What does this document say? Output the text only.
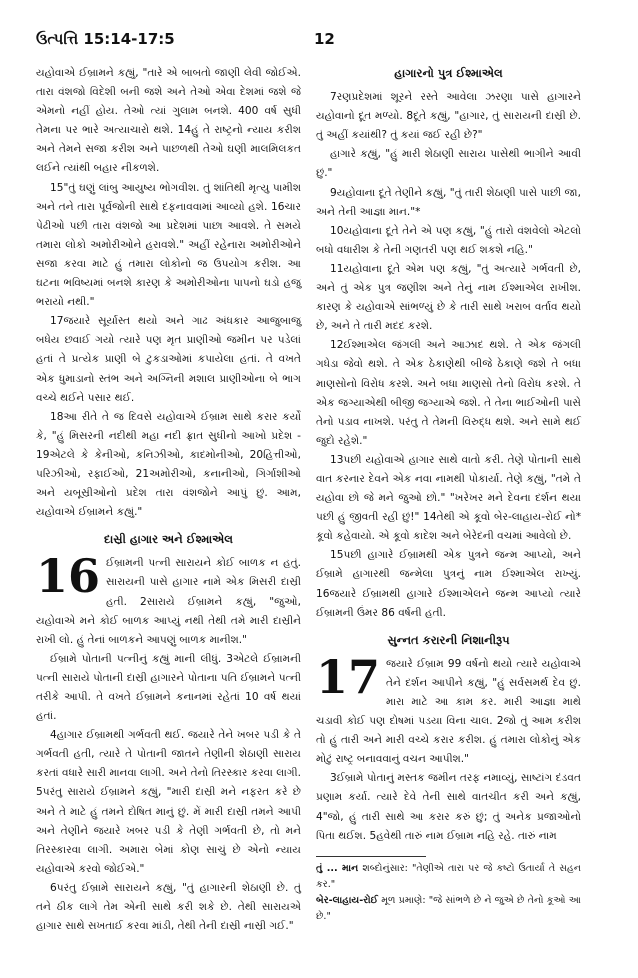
ઉત્પત્તિ 15:14-17:5	12

યહોવાએ ઈબ્રામને કહ્યું, "તારે એ બાબતો જાણી લેવી જોઈએ. તારા વંશજો વિદેશી બની જશે અને તેઓ એવા દેશમાં જશે જે એમનો નહીં હોય. તેઓ ત્યાં ગુલામ બનશે. 400 વર્ષ સુધી તેમના પર ભારે અત્યાચારો થશે. 14હું તે રાષ્ટ્રનો ન્યાય કરીશ અને તેમને સજા કરીશ અને પાછળથી તેઓ ઘણી માલમિલકત લઈને ત્યાંથી બહાર નીકળશે.

15"તું ઘણું લાંબુ આયુષ્ય ભોગવીશ. તું શાંતિથી મૃત્યુ પામીશ અને તને તારા પૂર્વજોની સાથે દફનાવવામાં આવ્યો હશે. 16ચાર પેઢીઓ પછી તારા વંશજો આ પ્રદેશમાં પાછા આવશે. તે સમયે તમારા લોકો અમોરીઓને હરાવશે." અહીં રહેનારા અમોરીઓને સજા કરવા માટે હું તમારા લોકોનો જ ઉપયોગ કરીશ. આ ઘટના ભવિષ્યમાં બનશે કારણ કે અમોરીઓના પાપનો ઘડો હજુ ભરાયો નથી."

17જયારે સૂર્યાસ્ત થયો અને ગાઢ અંધકાર આજુબાજુ બધેય છવાઈ ગયો ત્યારે પણ મૃત પ્રાણીઓ જમીન પર પડેલાં હતાં તે પ્રત્યેક પ્રાણી બે ટુકડાઓમાં કપાયેલા હતાં. તે વખતે એક ધુમાડાનો સ્તંભ અને અગ્નિની મશાલ પ્રાણીઓના બે ભાગ વચ્ચે થઈને પસાર થઈ.

18આ રીતે તે જ દિવસે યહોવાએ ઈબ્રામ સાથે કરાર કર્યો કે, "હું મિસરની નદીથી મહા નદી ફ્રાત સુધીનો આખો પ્રદેશ - 19એટલે કે કેનીઓ, કનિઝીઓ, કાદમોનીઓ, 20હિત્તીઓ, પરિઝીઓ, રફાઈઓ, 21અમોરીઓ, કનાનીઓ, ગિર્ગાશીઓ અને યબૂસ્રીઓનો પ્રદેશ તારા વંશજોને આપું છું. આમ, યહોવાએ ઈબ્રામને કહ્યું."

દાસ્રી હાગાર અને ઈશ્માએલ
16 ઈબ્રામની પત્ની સારાયને કોઈ બાળક ન હતું. સારાયની પાસે હાગાર નામે એક મિસરી દાસ્રી હતી. 2સારાયે ઈબ્રામને કહ્યું, "જુઓ, યહોવાએ મને કોઈ બાળક આપ્યું નથી તેથી તમે મારી દાસ્રીને રાખી લો. હું તેનાં બાળકને આપણું બાળક માનીશ."

ઈબ્રામે પોતાની પત્નીનું કહ્યું માની લીધું. 3એટલે ઈબ્રામની પત્ની સારાયે પોતાની દાસ્રી હાગારને પોતાના પતિ ઈબ્રામને પત્ની તરીકે આપી. તે વખતે ઈબ્રામને કનાનમાં રહેતાં 10 વર્ષ થયાં હતાં.

4હાગાર ઈબ્રામથી ગર્ભવતી થઈ. જયારે તેને ખબર પડી કે તે ગર્ભવતી હતી, ત્યારે તે પોતાની જાતને તેણીની શેઠાણી સારાય કરતાં વધારે સારી માનવા લાગી. અને તેનો તિરસ્કાર કરવા લાગી. 5પરંતુ સારાયે ઈબ્રામને કહ્યું, "મારી દાસ્રી મને નફરત કરે છે અને તે માટે હું તમને દોષિત માનું છું. મેં મારી દાસ્રી તમને આપી અને તેણીને જયારે ખબર પડી કે તેણી ગર્ભવતી છે, તો મને તિરસ્કારવા લાગી. અમારા બેમાં કોણ સાચું છે એનો ન્યાય યહોવાએ કરવો જોઈએ."

6પરંતુ ઈબ્રામે સારાયને કહ્યું, "તું હાગારની શેઠાણી છે. તું તને ઠીક લાગે તેમ એની સાથે કરી શકે છે. તેથી સારાયએ હાગાર સાથે સખતાઈ કરવા માંડી, તેથી તેની દાસ્રી નાસ્રી ગઈ."

હાગારનો પુત્ર ઈશ્માએલ

7રણપ્રદેશમાં શૂરને રસ્તે આવેલા ઝરણા પાસે હાગારને યહોવાનો દૂત મળ્યો. 8દૂતે કહ્યું, "હાગાર, તું સારાયની દાસ્રી છે. તું અહીં કયાંથી? તું કયાં જઈ રહી છે?"

હાગારે કહ્યું, "હું મારી શેઠાણી સારાય પાસેથી ભાગીને આવી છું."

9યહોવાના દૂતે તેણીને કહ્યું, "તું તારી શેઠાણી પાસે પાછી જા, અને તેની આજ્ઞા માન."*

10યહોવાના દૂતે તેને એ પણ કહ્યું, "હું તારો વંશવેલો એટલો બધો વધારીશ કે તેની ગણતરી પણ થઈ શકશે નહિ."

11યહોવાના દૂતે એમ પણ કહ્યું, "તું અત્યારે ગર્ભવતી છે, અને તું એક પુત્ર જણીશ અને તેનું નામ ઈશ્માએલ રાખીશ. કારણ કે યહોવાએ સાંભળ્યું છે કે તારી સાથે ખરાબ વર્તાવ થયો છે, અને તે તારી મદદ કરશે.

12ઈશ્માએલ જંગલી અને આઝાદ થશે. તે એક જંગલી ગધેડા જેવો થશે. તે એક ઠેકાણેથી બીજે ઠેકાણે જશે તે બધા માણસોનો વિરોધ કરશે. અને બધા માણસો તેનો વિરોધ કરશે. તે એક જગ્યાએથી બીજી જગ્યાએ જશે. તે તેના ભાઈઓની પાસે તેનો પડાવ નાખશે. પરંતુ તે તેમની વિરુદ્ધ થશે. અને સામે થઈ જુદો રહેશે."

13પછી યહોવાએ હાગાર સાથે વાતો કરી. તેણે પોતાની સાથે વાત કરનાર દેવને એક નવા નામથી પોકાર્યા. તેણે કહ્યું, "તમે તે યહોવા છો જે મને જુઓ છો." "ખરેખર મને દેવના દર્શન થયા પછી હું જીવતી રહી છું!" 14તેથી એ કૂવો બેર-લાહાય-રોઈ નો* કૂવો કહેવાયો. એ કૂવો કાદેશ અને બેરેદની વચમાં આવેલો છે.

15પછી હાગારે ઈબ્રામથી એક પુત્રને જન્મ આપ્યો, અને ઈબ્રામે હાગારથી જન્મેલા પુત્રનું નામ ઈશ્માએલ રાખ્યું. 16જયારે ઈબ્રામથી હાગારે ઈશ્માએલને જન્મ આપ્યો ત્યારે ઈબ્રામની ઉંમર 86 વર્ષની હતી.

સુન્નત કરારની નિશાનીરૂપ
17 જયારે ઈબ્રામ 99 વર્ષનો થયો ત્યારે યહોવાએ તેને દર્શન આપીને કહ્યું, "હું સર્વસમર્થ દેવ છું. મારા માટે આ કામ કર. મારી આજ્ઞા માથે ચડાવી કોઈ પણ દોષમાં પડયા વિના ચાલ. 2જો તું આમ કરીશ તો હું તારી અને મારી વચ્ચે કરાર કરીશ. હું તમારા લોકોનું એક મોટું રાષ્ટ્ર બનાવવાનું વચન આપીશ."

3ઈબ્રામે પોતાનું મસ્તક જમીન તરફ નમાવ્યું, સાષ્ટાંગ દંડવત પ્રણામ કર્યા. ત્યારે દેવે તેની સાથે વાતચીત કરી અને કહ્યું, 4"જો, હું તારી સાથે આ કરાર કરું છું; તું અનેક પ્રજાઓનો પિતા થઈશ. 5હવેથી તારું નામ ઈબ્રામ નહિ રહે. તારું નામ

તું ... માન શબ્દોનુંસાર: "તેણીએ તારા પર જે કષ્ટો ઉતાર્યા તે સહન કર."

બેર-લાહાય-રોઈ મૂળ પ્રમાણે: "જે સાંભળે છે ને જુએ છે તેનો કૂઓ આ છે."
